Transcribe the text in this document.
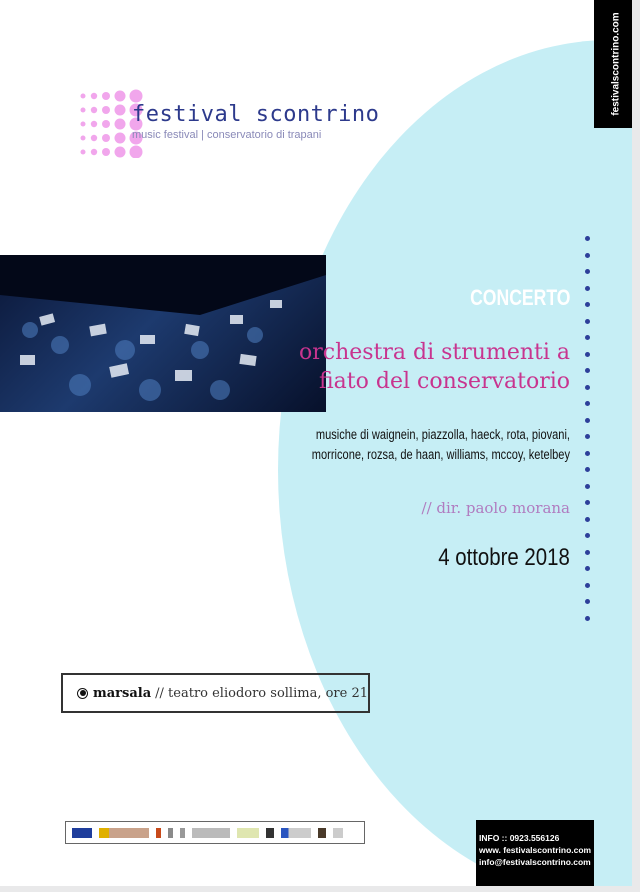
festivalscontrino.com
festival scontrino
music festival | conservatorio di trapani
CONCERTO
orchestra di strumenti a fiato del conservatorio
musiche di waignein, piazzolla, haeck, rota, piovani,
morricone, rozsa, de haan, williams, mccoy, ketelbey
// dir. paolo morana
4 ottobre 2018
marsala //
teatro eliodoro sollima, ore 21
INFO :: 0923.556126
www. festivalscontrino.com
info@festivalscontrino.com
